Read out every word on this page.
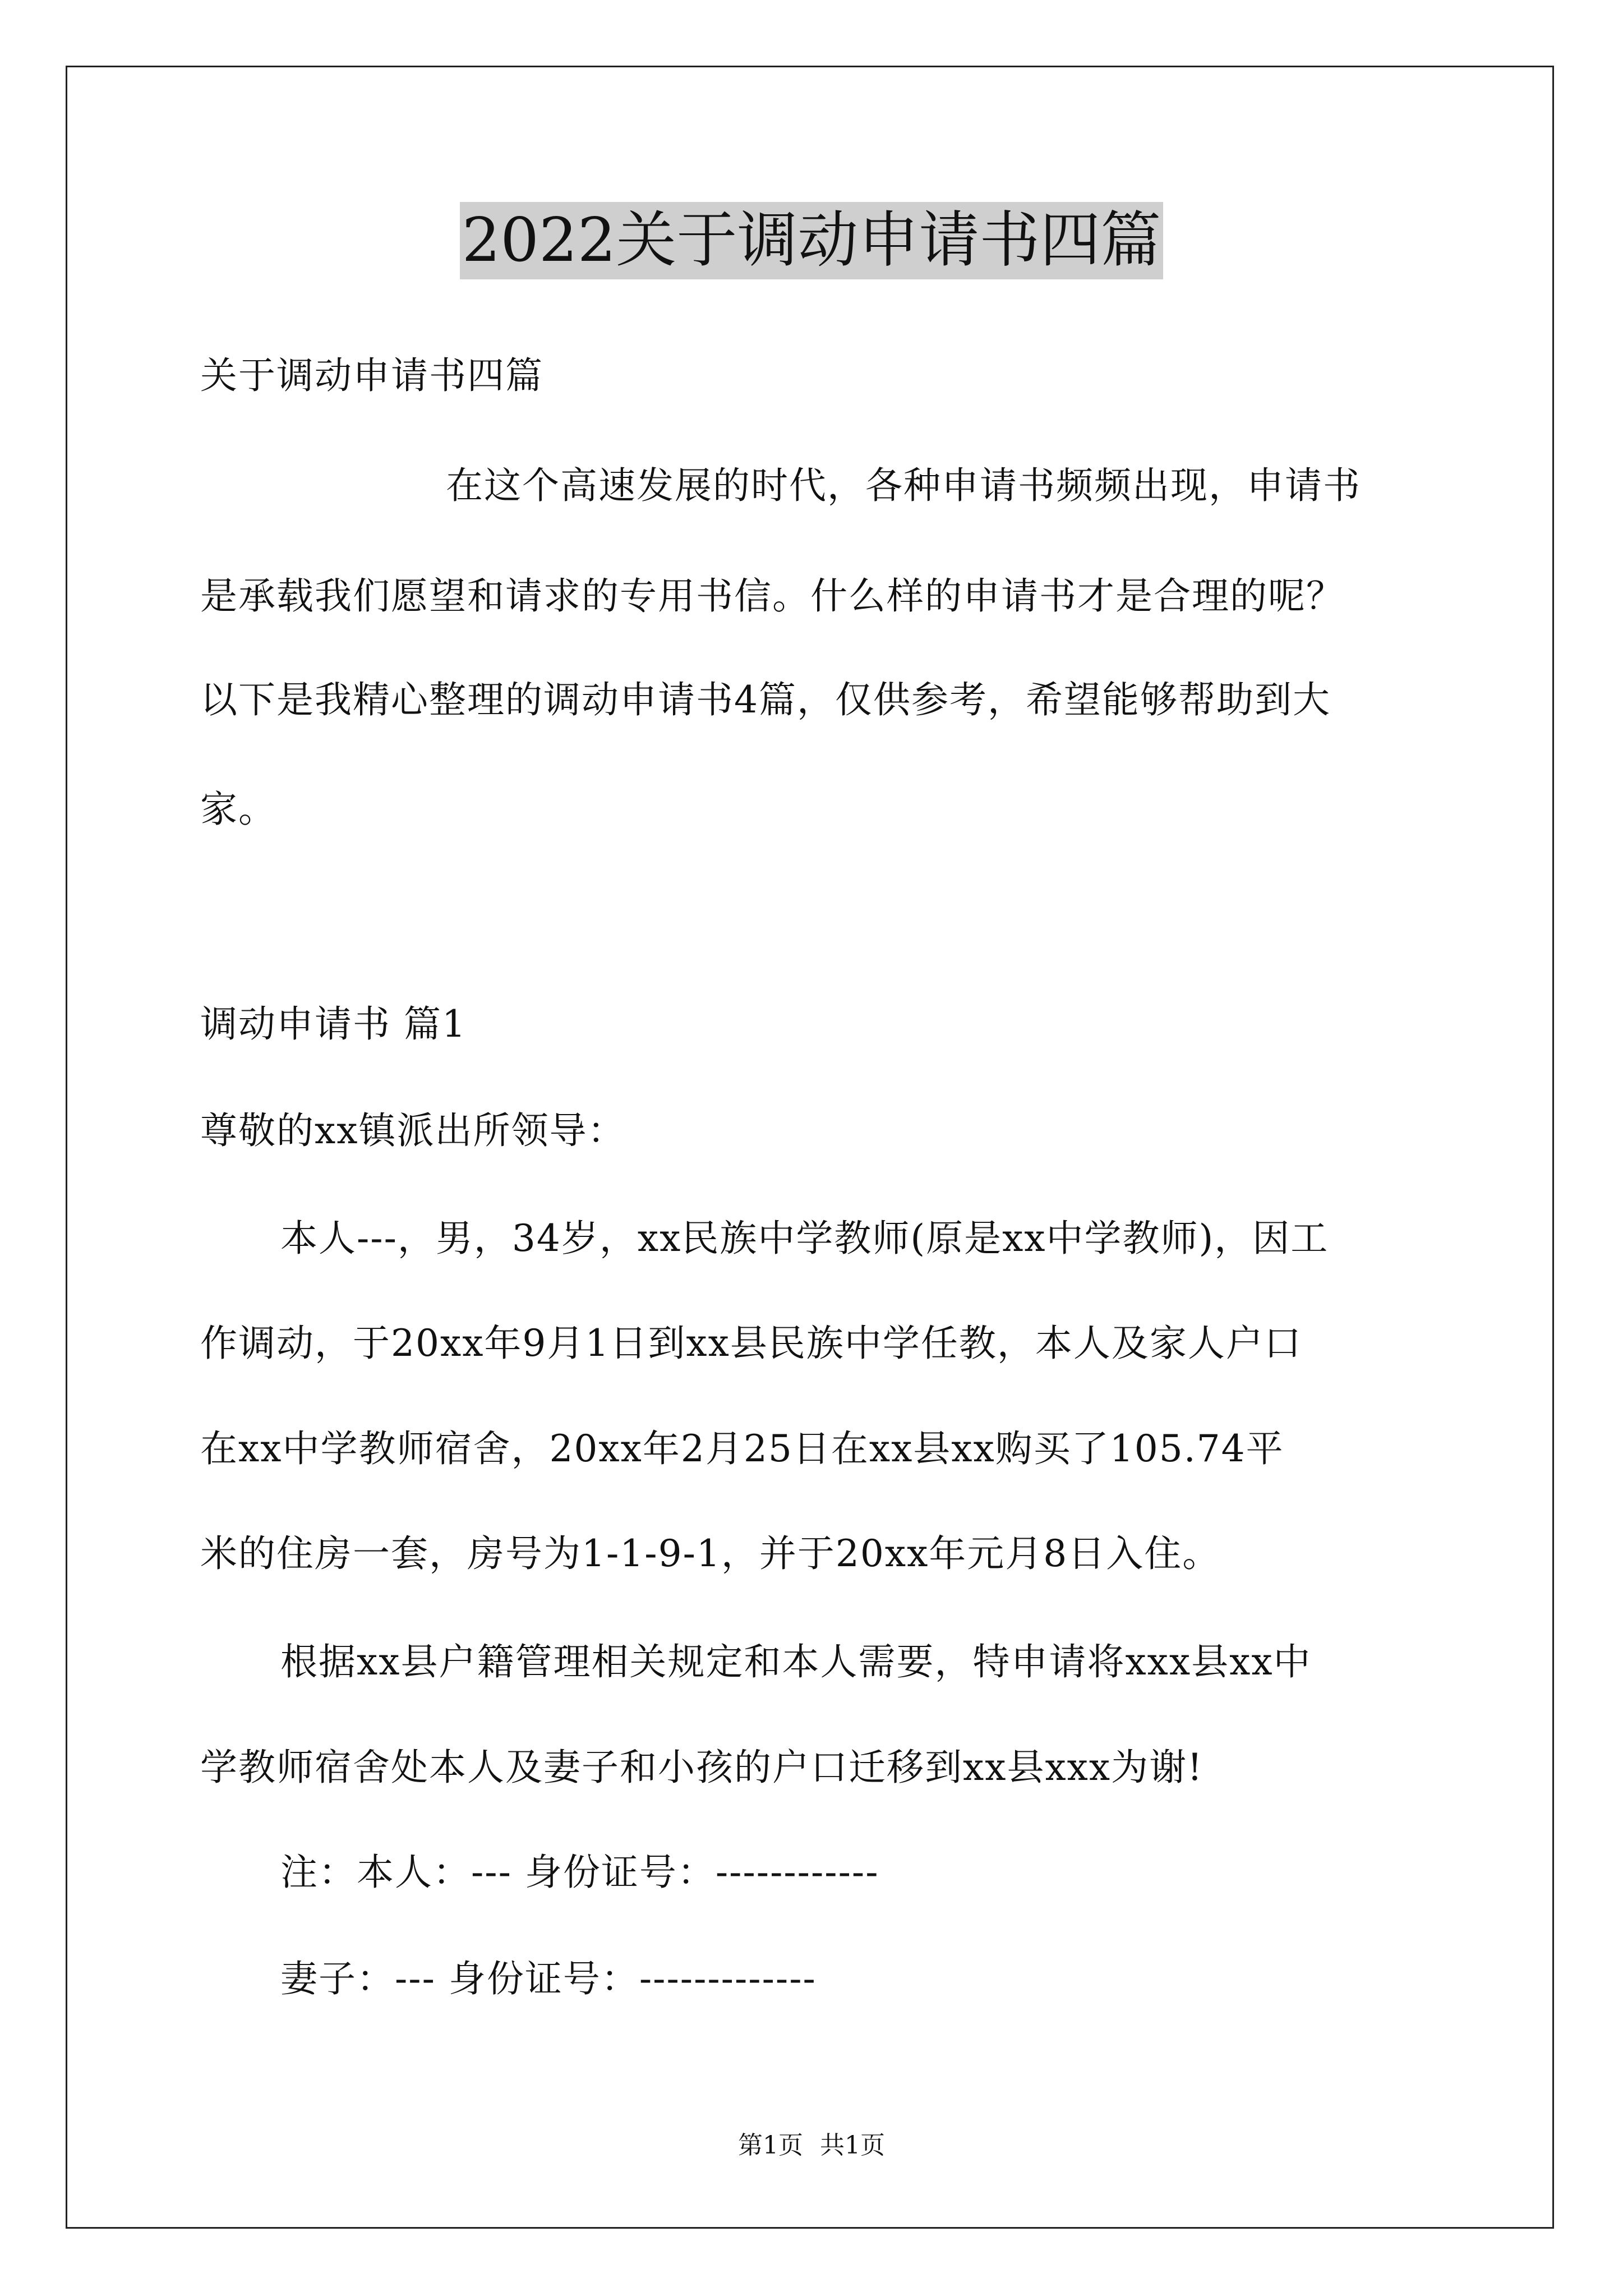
2022关于调动申请书四篇
关于调动申请书四篇
在这个高速发展的时代，各种申请书频频出现，申请书
是承载我们愿望和请求的专用书信。什么样的申请书才是合理的呢？
以下是我精心整理的调动申请书4篇，仅供参考，希望能够帮助到大
家。
调动申请书 篇1
尊敬的xx镇派出所领导：
本人---，男，34岁，xx民族中学教师(原是xx中学教师)，因工
作调动，于20xx年9月1日到xx县民族中学任教，本人及家人户口
在xx中学教师宿舍，20xx年2月25日在xx县xx购买了105.74平
米的住房一套，房号为1-1-9-1，并于20xx年元月8日入住。
根据xx县户籍管理相关规定和本人需要，特申请将xxx县xx中
学教师宿舍处本人及妻子和小孩的户口迁移到xx县xxx为谢!
注：本人：--- 身份证号：------------
妻子：--- 身份证号：-------------
第1页 共1页
